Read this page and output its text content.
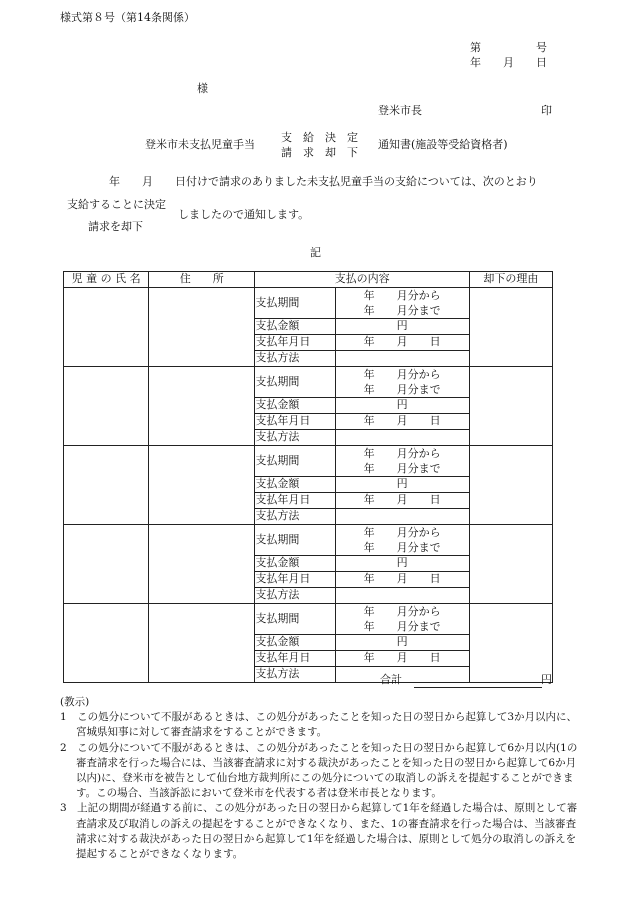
様式第８号（第14条関係）
第　　　　　号
年　　月　　日
様
登米市長	印
登米市未支払児童手当
支　給　決　定
請　求　却　下
通知書(施設等受給資格者)
年　　月　　日付けで請求のありました未支払児童手当の支給については、次のとおり
支給することに決定
請求を却下
しましたので通知します。
記
児 童 の 氏 名	住　　所	支払の内容		却下の理由
		支払期間	年　　月分から
年　　月分まで	

		支払金額	円	
		支払年月日	年　　月　　日	
		支払方法		
		支払期間	年　　月分から
年　　月分まで	

		支払金額	円	
		支払年月日	年　　月　　日	
		支払方法		
		支払期間	年　　月分から
年　　月分まで	

		支払金額	円	
		支払年月日	年　　月　　日	
		支払方法		
		支払期間	年　　月分から
年　　月分まで	

		支払金額	円	
		支払年月日	年　　月　　日	
		支払方法		
		支払期間	年　　月分から
年　　月分まで	

		支払金額	円	
		支払年月日	年　　月　　日	
		支払方法			合計	円

(教示)

1　この処分について不服があるときは、この処分があったことを知った日の翌日から起算して3か月以内に、宮城県知事に対して審査請求をすることができます。

2　この処分について不服があるときは、この処分があったことを知った日の翌日から起算して6か月以内(1の審査請求を行った場合には、当該審査請求に対する裁決があったことを知った日の翌日から起算して6か月以内)に、登米市を被告として仙台地方裁判所にこの処分についての取消しの訴えを提起することができます。この場合、当該訴訟において登米市を代表する者は登米市長となります。

3　上記の期間が経過する前に、この処分があった日の翌日から起算して1年を経過した場合は、原則として審査請求及び取消しの訴えの提起をすることができなくなり、また、1の審査請求を行った場合は、当該審査請求に対する裁決があった日の翌日から起算して1年を経過した場合は、原則として処分の取消しの訴えを提起することができなくなります。
